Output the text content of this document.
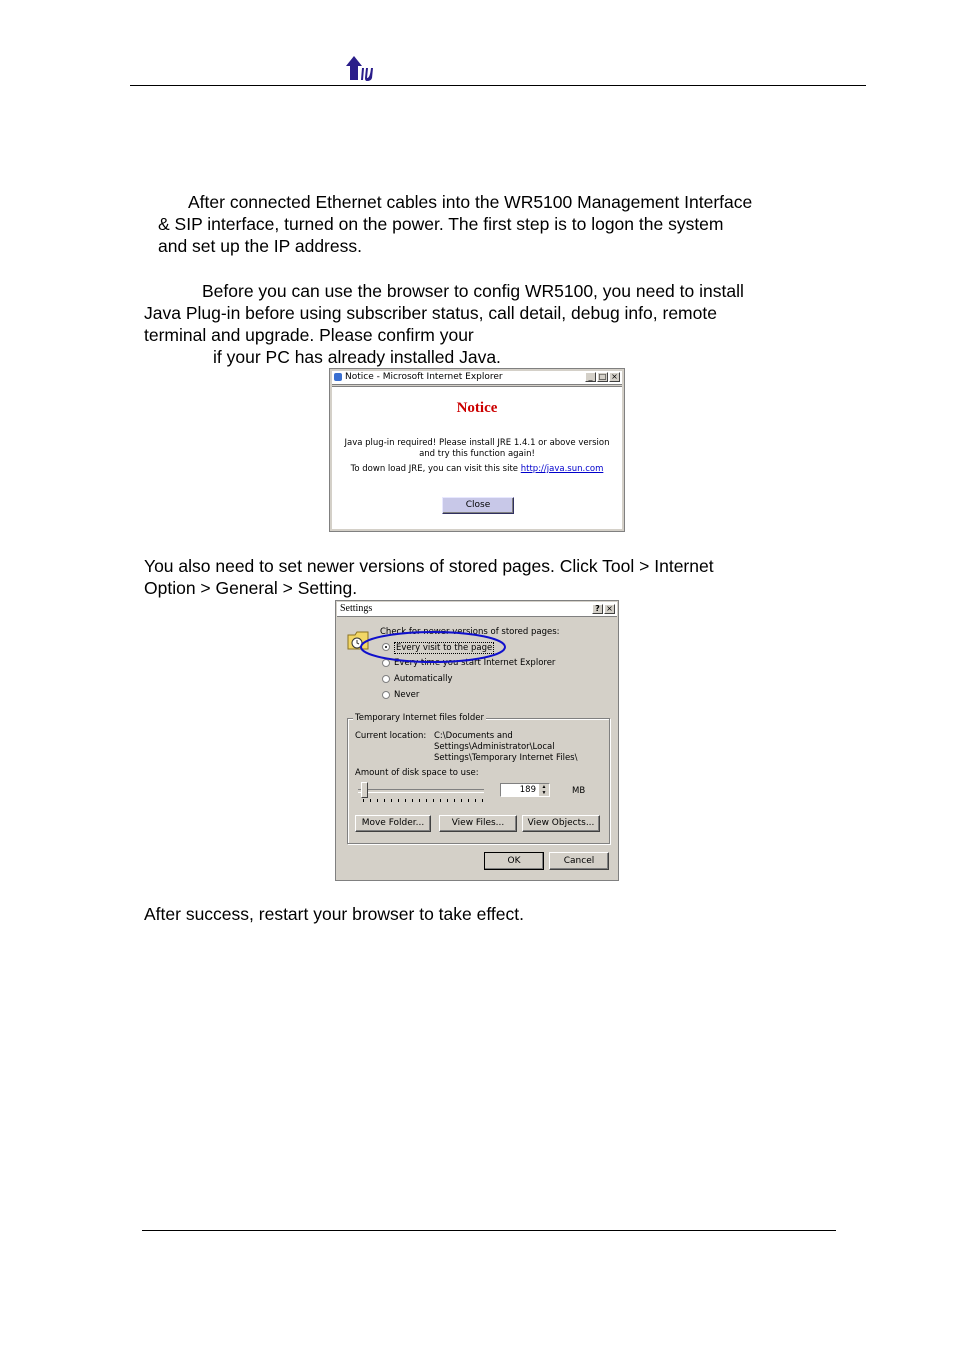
After connected Ethernet cables into the WR5100 Management Interface
& SIP interface, turned on the power. The first step is to logon the system
and set up the IP address.
Before you can use the browser to config WR5100, you need to install
Java Plug-in before using subscriber status, call detail, debug info, remote
terminal and upgrade. Please confirm your
if your PC has already installed Java.
Notice - Microsoft Internet Explorer	_ □ ×
Notice
Java plug-in required! Please install JRE 1.4.1 or above version
and try this function again!
To down load JRE, you can visit this site http://java.sun.com
Close
You also need to set newer versions of stored pages. Click Tool > Internet
Option > General > Setting.
Settings	? ×
Check for newer versions of stored pages:
Every visit to the page
Every time you start Internet Explorer
Automatically
Never
Temporary Internet files folder
Current location: C:\Documents and
Settings\Administrator\Local
Settings\Temporary Internet Files\
Amount of disk space to use:
189	▲
▼	MB
Move Folder...	View Files...	View Objects...
OK	Cancel
After success, restart your browser to take effect.
